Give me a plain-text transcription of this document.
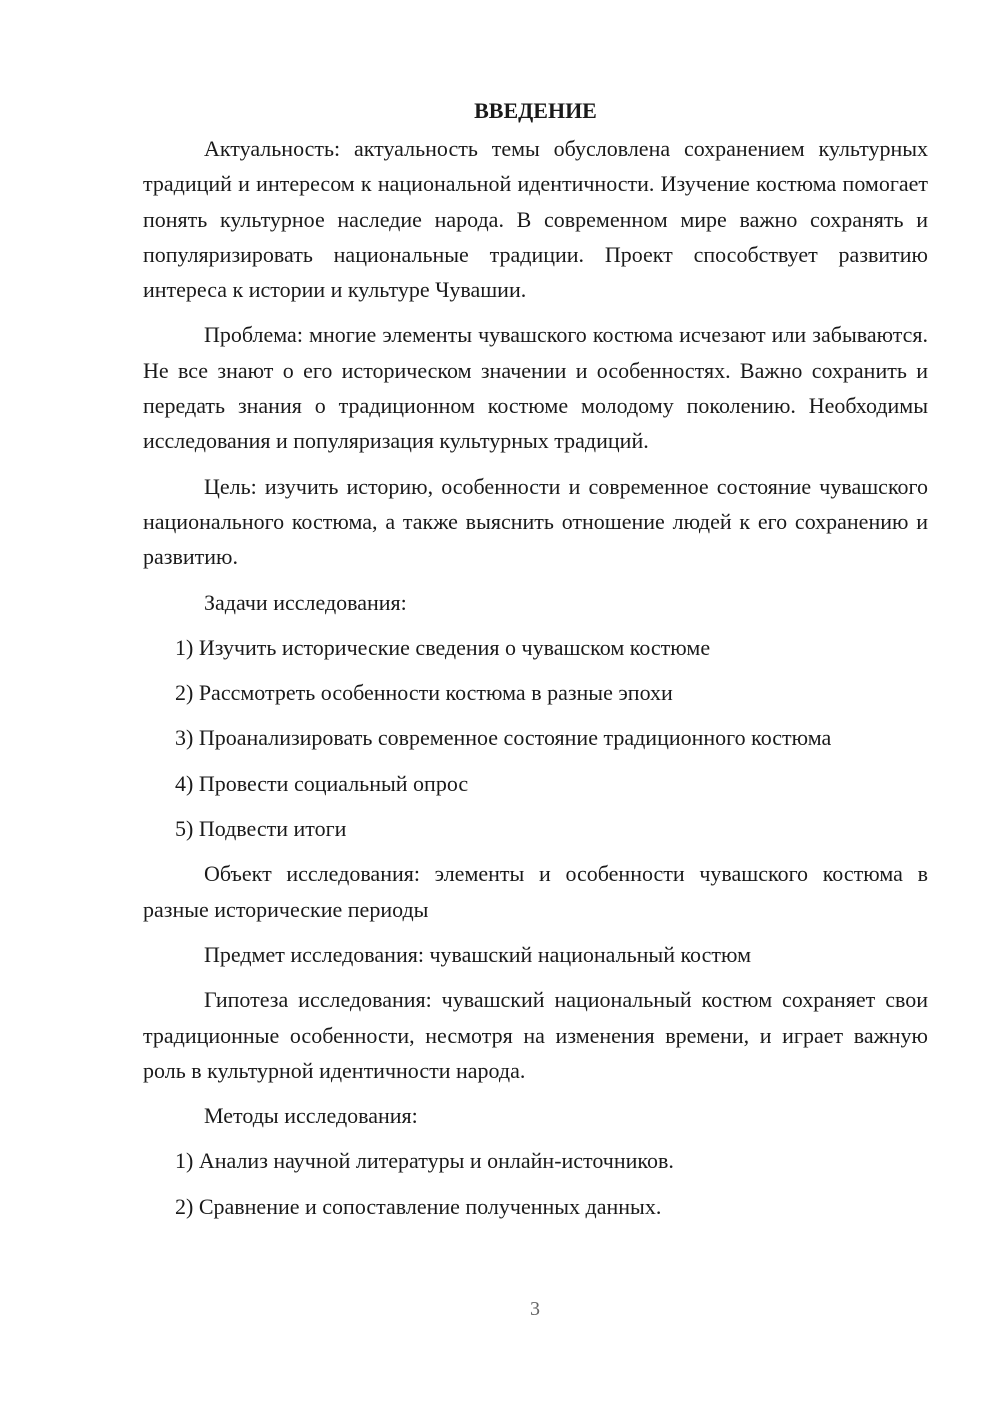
ВВЕДЕНИЕ
Актуальность: актуальность темы обусловлена сохранением культурных традиций и интересом к национальной идентичности. Изучение костюма помогает понять культурное наследие народа. В современном мире важно сохранять и популяризировать национальные традиции. Проект способствует развитию интереса к истории и культуре Чувашии.
Проблема: многие элементы чувашского костюма исчезают или забываются. Не все знают о его историческом значении и особенностях. Важно сохранить и передать знания о традиционном костюме молодому поколению. Необходимы исследования и популяризация культурных традиций.
Цель: изучить историю, особенности и современное состояние чувашского национального костюма, а также выяснить отношение людей к его сохранению и развитию.
Задачи исследования:
1) Изучить исторические сведения о чувашском костюме
2) Рассмотреть особенности костюма в разные эпохи
3) Проанализировать современное состояние традиционного костюма
4) Провести социальный опрос
5) Подвести итоги
Объект исследования: элементы и особенности чувашского костюма в разные исторические периоды
Предмет исследования: чувашский национальный костюм
Гипотеза исследования: чувашский национальный костюм сохраняет свои традиционные особенности, несмотря на изменения времени, и играет важную роль в культурной идентичности народа.
Методы исследования:
1) Анализ научной литературы и онлайн-источников.
2) Сравнение и сопоставление полученных данных.
3
